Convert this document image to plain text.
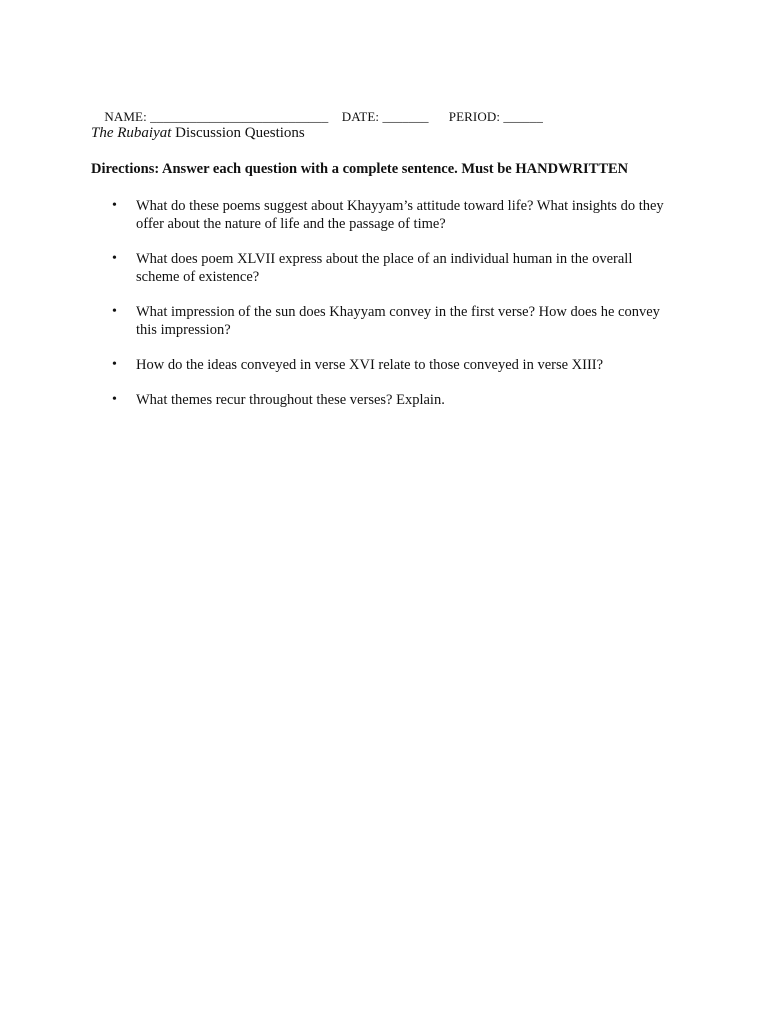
NAME: ___________________________ DATE: _______ PERIOD: ______

The Rubaiyat Discussion Questions
Directions: Answer each question with a complete sentence. Must be HANDWRITTEN
• What do these poems suggest about Khayyam’s attitude toward life? What insights do they offer about the nature of life and the passage of time?
• What does poem XLVII express about the place of an individual human in the overall scheme of existence?
• What impression of the sun does Khayyam convey in the first verse? How does he convey this impression?
• How do the ideas conveyed in verse XVI relate to those conveyed in verse XIII?
• What themes recur throughout these verses? Explain.
